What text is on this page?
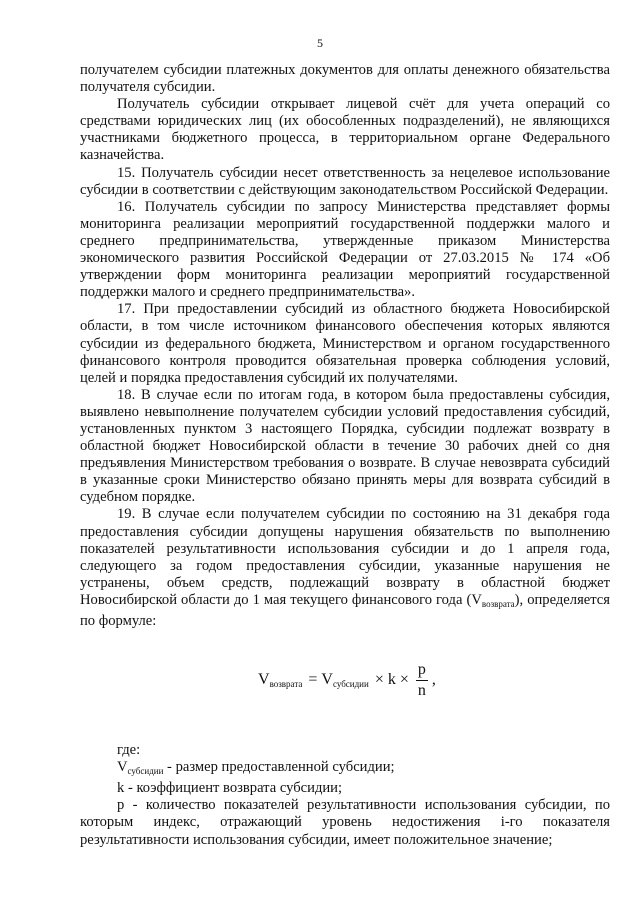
5

получателем субсидии платежных документов для оплаты денежного обязательства получателя субсидии.

Получатель субсидии открывает лицевой счёт для учета операций со средствами юридических лиц (их обособленных подразделений), не являющихся участниками бюджетного процесса, в территориальном органе Федерального казначейства.

15. Получатель субсидии несет ответственность за нецелевое использование субсидии в соответствии с действующим законодательством Российской Федерации.

16. Получатель субсидии по запросу Министерства представляет формы мониторинга реализации мероприятий государственной поддержки малого и среднего предпринимательства, утвержденные приказом Министерства экономического развития Российской Федерации от 27.03.2015 № 174 «Об утверждении форм мониторинга реализации мероприятий государственной поддержки малого и среднего предпринимательства».

17. При предоставлении субсидий из областного бюджета Новосибирской области, в том числе источником финансового обеспечения которых являются субсидии из федерального бюджета, Министерством и органом государственного финансового контроля проводится обязательная проверка соблюдения условий, целей и порядка предоставления субсидий их получателями.

18. В случае если по итогам года, в котором была предоставлены субсидия, выявлено невыполнение получателем субсидии условий предоставления субсидий, установленных пунктом 3 настоящего Порядка, субсидии подлежат возврату в областной бюджет Новосибирской области в течение 30 рабочих дней со дня предъявления Министерством требования о возврате. В случае невозврата субсидий в указанные сроки Министерство обязано принять меры для возврата субсидий в судебном порядке.

19. В случае если получателем субсидии по состоянию на 31 декабря года предоставления субсидии допущены нарушения обязательств по выполнению показателей результативности использования субсидии и до 1 апреля года, следующего за годом предоставления субсидии, указанные нарушения не устранены, объем средств, подлежащий возврату в областной бюджет Новосибирской области до 1 мая текущего финансового года $(V_{возврата})$, определяется по формуле:

$V_{возврата} = V_{субсидии} \times k \times \frac{p}{n}$ ,

где:

$V_{субсидии}$ - размер предоставленной субсидии;

k - коэффициент возврата субсидии;

p - количество показателей результативности использования субсидии, по которым индекс, отражающий уровень недостижения i-го показателя результативности использования субсидии, имеет положительное значение;
